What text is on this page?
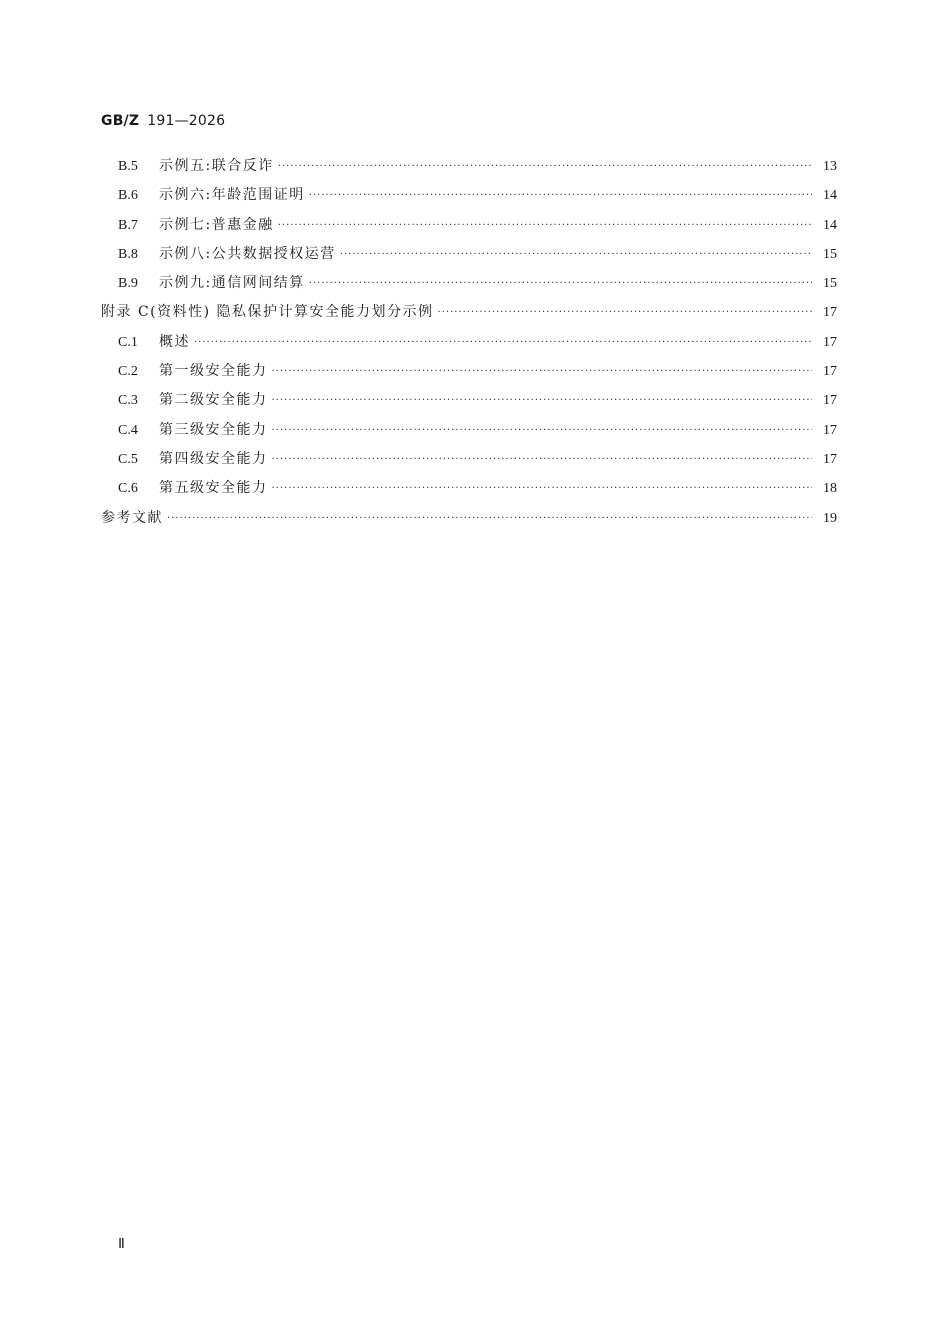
GB/Z 191—2026
B.5	示例五:联合反诈 ·····	13
B.6	示例六:年龄范围证明 ·····	14
B.7	示例七:普惠金融 ·····	14
B.8	示例八:公共数据授权运营 ·····	15
B.9	示例九:通信网间结算 ·····	15
附录 C(资料性) 隐私保护计算安全能力划分示例 ·····	17
C.1	概述 ·····	17
C.2	第一级安全能力 ·····	17
C.3	第二级安全能力 ·····	17
C.4	第三级安全能力 ·····	17
C.5	第四级安全能力 ·····	17
C.6	第五级安全能力 ·····	18
参考文献 ·····	19
Ⅱ
